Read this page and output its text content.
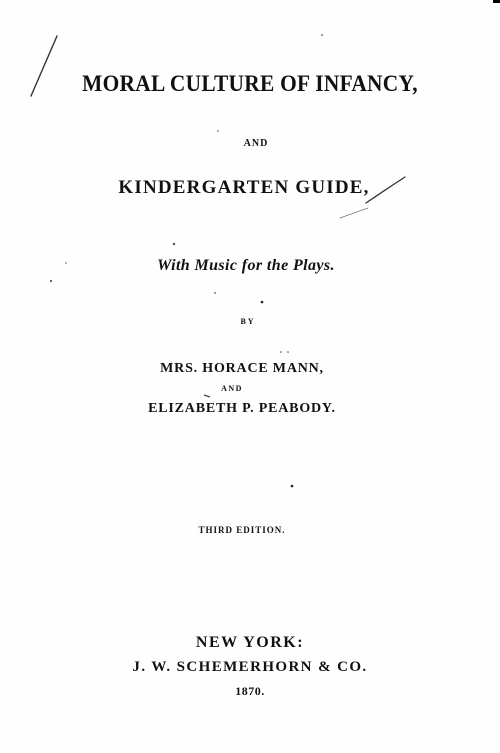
MORAL CULTURE OF INFANCY,
AND
KINDERGARTEN GUIDE,
With Music for the Plays.
BY
MRS. HORACE MANN,
AND
ELIZABETH P. PEABODY.
THIRD EDITION.
NEW YORK:
J. W. SCHEMERHORN & CO.
1870.
